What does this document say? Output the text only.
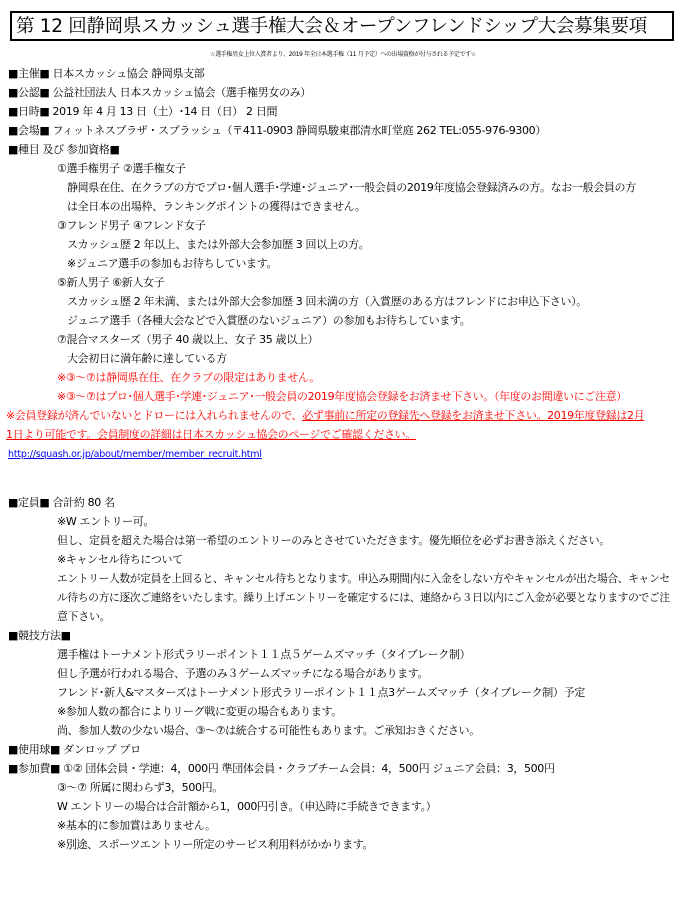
第 12 回静岡県スカッシュ選手権大会＆オープンフレンドシップ大会募集要項
☆選手権男女上位入賞者より、2019 年全日本選手権（11 月予定）への出場資格が付与される予定です☆
■主催■ 日本スカッシュ協会 静岡県支部
■公認■ 公益社団法人 日本スカッシュ協会（選手権男女のみ）
■日時■ 2019 年 4 月 13 日（土）･14 日（日） 2 日間
■会場■ フィットネスプラザ・スプラッシュ（〒411-0903 静岡県駿東郡清水町堂庭 262 TEL:055-976-9300）
■種目 及び 参加資格■
①選手権男子 ②選手権女子
静岡県在住、在クラブの方でプロ･個人選手･学連･ジュニア･一般会員の2019年度協会登録済みの方。なお一般会員の方
は全日本の出場枠、ランキングポイントの獲得はできません。
③フレンド男子 ④フレンド女子
スカッシュ歴 2 年以上、または外部大会参加歴 3 回以上の方。
※ジュニア選手の参加もお待ちしています。
⑤新人男子 ⑥新人女子
スカッシュ歴 2 年未満、または外部大会参加歴 3 回未満の方（入賞歴のある方はフレンドにお申込下さい）。
ジュニア選手（各種大会などで入賞歴のないジュニア）の参加もお待ちしています。
⑦混合マスターズ（男子 40 歳以上、女子 35 歳以上）
大会初日に満年齢に達している方
※③～⑦は静岡県在住、在クラブの限定はありません。
※③～⑦はプロ･個人選手･学連･ジュニア･一般会員の2019年度協会登録をお済ませ下さい。（年度のお間違いにご注意）
※会員登録が済んでいないとドローには入れられませんので、必ず事前に所定の登録先へ登録をお済ませ下さい。2019年度登録は2月
1日より可能です。会員制度の詳細は日本スカッシュ協会のページでご確認ください。
http://squash.or.jp/about/member/member_recruit.html
■定員■ 合計約 80 名
※W エントリー可。
但し、定員を超えた場合は第一希望のエントリーのみとさせていただきます。優先順位を必ずお書き添えください。
※キャンセル待ちについて
エントリー人数が定員を上回ると、キャンセル待ちとなります。申込み期間内に入金をしない方やキャンセルが出た場合、キャンセ
ル待ちの方に逐次ご連絡をいたします。繰り上げエントリーを確定するには、連絡から３日以内にご入金が必要となりますのでご注
意下さい。
■競技方法■
選手権はトーナメント形式ラリーポイント１１点５ゲームズマッチ（タイブレーク制）
但し予選が行われる場合、予選のみ３ゲームズマッチになる場合があります。
フレンド･新人&マスターズはトーナメント形式ラリーポイント１１点3ゲームズマッチ（タイブレーク制）予定
※参加人数の都合によりリーグ戦に変更の場合もあります。
尚、参加人数の少ない場合、③～⑦は統合する可能性もあります。ご承知おきください。
■使用球■ ダンロップ プロ
■参加費■ ①② 団体会員・学連：4，000円 準団体会員・クラブチーム会員：4，500円 ジュニア会員：3，500円
③～⑦ 所属に関わらず3，500円。
W エントリーの場合は合計額から1，000円引き。（申込時に手続きできます。）
※基本的に参加賞はありません。
※別途、スポーツエントリー所定のサービス利用料がかかります。
